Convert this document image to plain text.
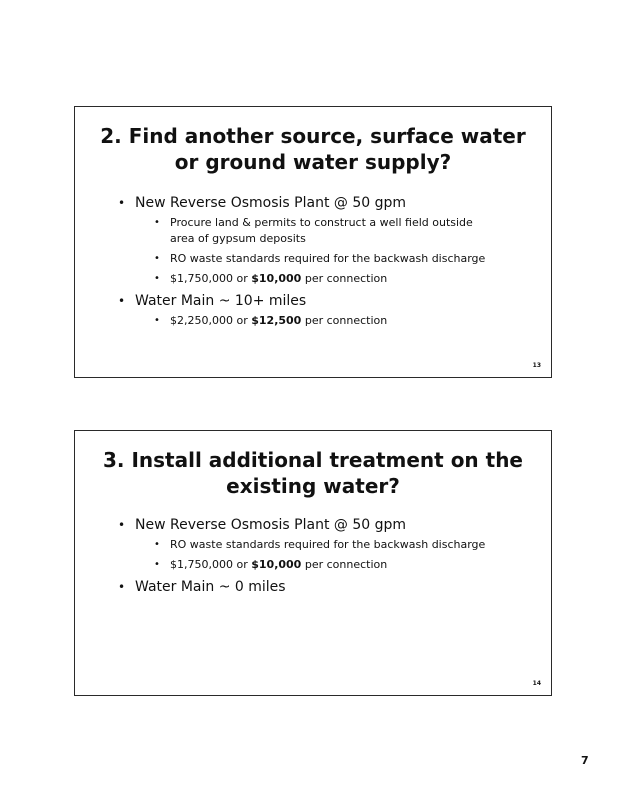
2. Find another source, surface water
or ground water supply?
• New Reverse Osmosis Plant @ 50 gpm
• Procure land & permits to construct a well field outside area of gypsum deposits
• RO waste standards required for the backwash discharge
• $1,750,000 or $10,000 per connection
• Water Main ~ 10+ miles
• $2,250,000 or $12,500 per connection
13
3. Install additional treatment on the
existing water?
• New Reverse Osmosis Plant @ 50 gpm
• RO waste standards required for the backwash discharge
• $1,750,000 or $10,000 per connection
• Water Main ~ 0 miles
14
7
